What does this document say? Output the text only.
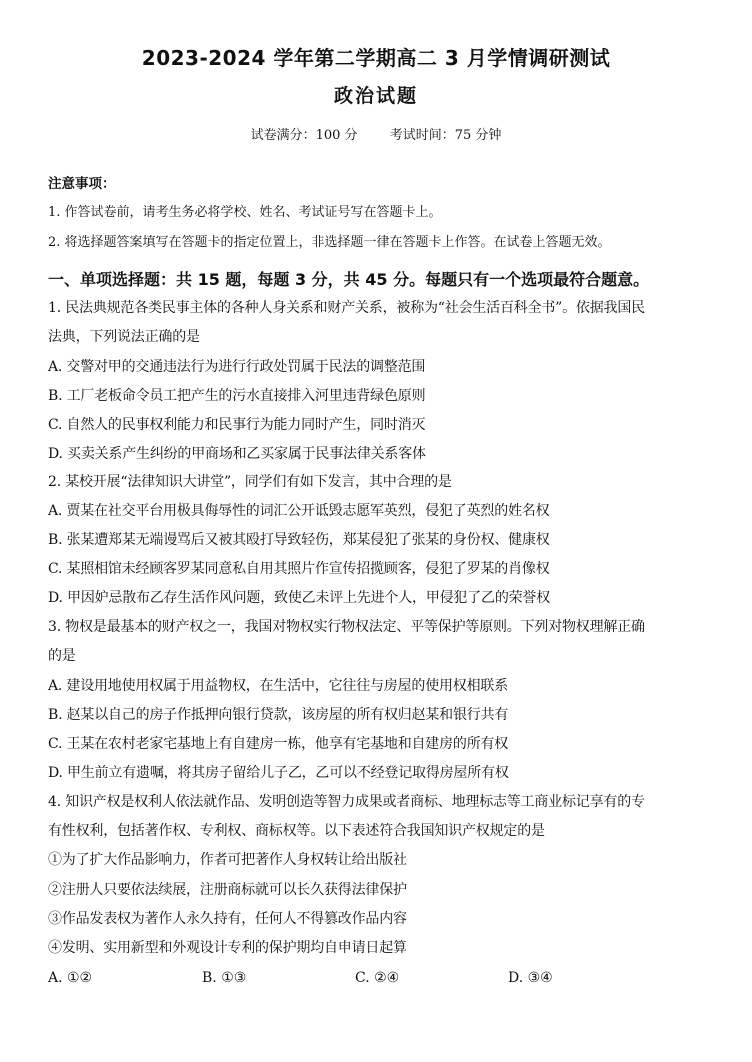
2023-2024 学年第二学期高二 3 月学情调研测试
政治试题
试卷满分：100 分 考试时间：75 分钟
注意事项：
1. 作答试卷前，请考生务必将学校、姓名、考试证号写在答题卡上。
2. 将选择题答案填写在答题卡的指定位置上，非选择题一律在答题卡上作答。在试卷上答题无效。
一、单项选择题：共 15 题，每题 3 分，共 45 分。每题只有一个选项最符合题意。
1. 民法典规范各类民事主体的各种人身关系和财产关系，被称为“社会生活百科全书”。依据我国民
法典，下列说法正确的是
A. 交警对甲的交通违法行为进行行政处罚属于民法的调整范围
B. 工厂老板命令员工把产生的污水直接排入河里违背绿色原则
C. 自然人的民事权利能力和民事行为能力同时产生，同时消灭
D. 买卖关系产生纠纷的甲商场和乙买家属于民事法律关系客体
2. 某校开展“法律知识大讲堂”，同学们有如下发言，其中合理的是
A. 贾某在社交平台用极具侮辱性的词汇公开诋毁志愿军英烈，侵犯了英烈的姓名权
B. 张某遭郑某无端谩骂后又被其殴打导致轻伤，郑某侵犯了张某的身份权、健康权
C. 某照相馆未经顾客罗某同意私自用其照片作宣传招揽顾客，侵犯了罗某的肖像权
D. 甲因妒忌散布乙存生活作风问题，致使乙未评上先进个人，甲侵犯了乙的荣誉权
3. 物权是最基本的财产权之一，我国对物权实行物权法定、平等保护等原则。下列对物权理解正确
的是
A. 建设用地使用权属于用益物权，在生活中，它往往与房屋的使用权相联系
B. 赵某以自己的房子作抵押向银行贷款，该房屋的所有权归赵某和银行共有
C. 王某在农村老家宅基地上有自建房一栋，他享有宅基地和自建房的所有权
D. 甲生前立有遗嘱，将其房子留给儿子乙，乙可以不经登记取得房屋所有权
4. 知识产权是权利人依法就作品、发明创造等智力成果或者商标、地理标志等工商业标记享有的专
有性权利，包括著作权、专利权、商标权等。以下表述符合我国知识产权规定的是
①为了扩大作品影响力，作者可把著作人身权转让给出版社
②注册人只要依法续展，注册商标就可以长久获得法律保护
③作品发表权为著作人永久持有，任何人不得篡改作品内容
④发明、实用新型和外观设计专利的保护期均自申请日起算
A. ①②	B. ①③	C. ②④	D. ③④
